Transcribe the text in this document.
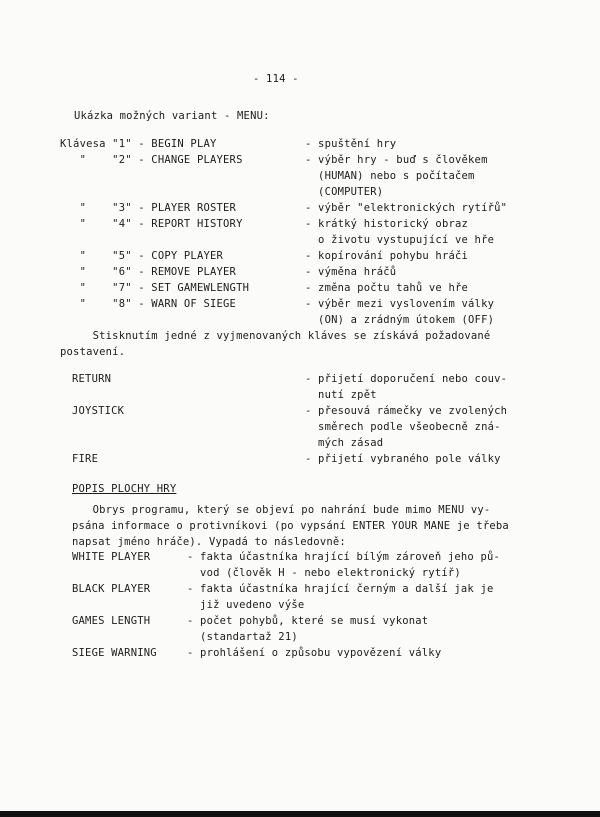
- 114 -
Ukázka možných variant - MENU:
Klávesa "1" - BEGIN PLAY	- spuštění hry
"    "2" - CHANGE PLAYERS	- výběr hry - buď s člověkem
(HUMAN) nebo s počítačem
(COMPUTER)
"    "3" - PLAYER ROSTER	- výběr "elektronických rytířů"
"    "4" - REPORT HISTORY	- krátký historický obraz
o životu vystupující ve hře
"    "5" - COPY PLAYER	- kopírování pohybu hráči
"    "6" - REMOVE PLAYER	- výměna hráčů
"    "7" - SET GAMEWLENGTH	- změna počtu tahů ve hře
"    "8" - WARN OF SIEGE	- výběr mezi vyslovením války
(ON) a zrádným útokem (OFF)
Stisknutím jedné z vyjmenovaných kláves se získává požadované
postavení.
RETURN	- přijetí doporučení nebo couv-
nutí zpět
JOYSTICK	- přesouvá rámečky ve zvolených
směrech podle všeobecně zná-
mých zásad
FIRE	- přijetí vybraného pole války
POPIS PLOCHY HRY
Obrys programu, který se objeví po nahrání bude mimo MENU vy-
psána informace o protivníkovi (po vypsání ENTER YOUR MANE je třeba
napsat jméno hráče). Vypadá to následovně:
WHITE PLAYER	- fakta účastníka hrající bílým zároveň jeho pů-
vod (člověk H - nebo elektronický rytíř)
BLACK PLAYER	- fakta účastníka hrající černým a další jak je
již uvedeno výše
GAMES LENGTH	- počet pohybů, které se musí vykonat
(standartaž 21)
SIEGE WARNING	- prohlášení o způsobu vypovězení války
